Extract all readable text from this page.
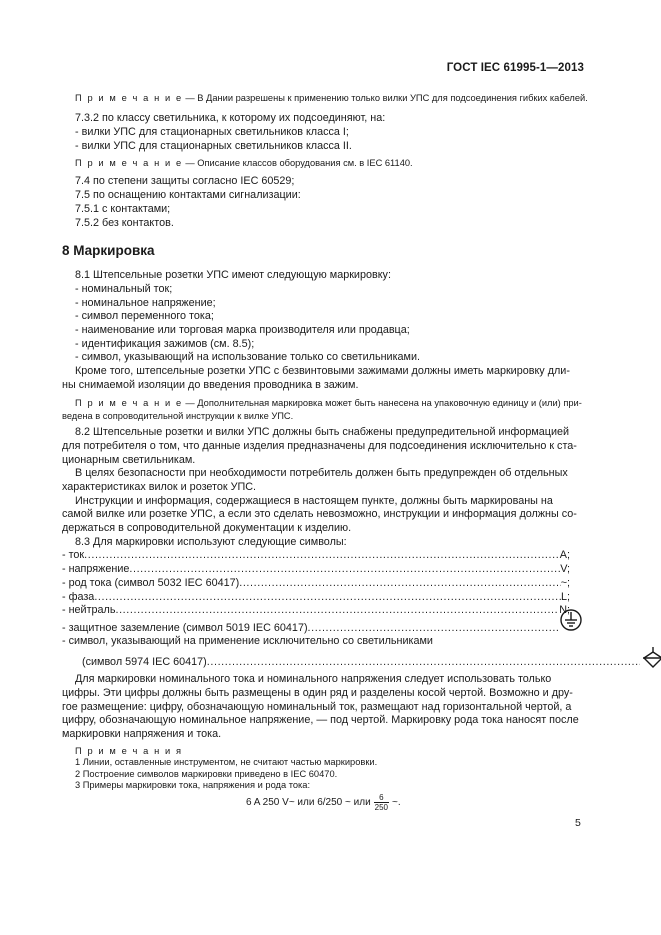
ГОСТ IEC 61995-1—2013
П р и м е ч а н и е — В Дании разрешены к применению только вилки УПС для подсоединения гибких кабелей.
7.3.2 по классу светильника, к которому их подсоединяют, на:
- вилки УПС для стационарных светильников класса I;
- вилки УПС для стационарных светильников класса II.
П р и м е ч а н и е — Описание классов оборудования см. в IEC 61140.
7.4 по степени защиты согласно IEC 60529;
7.5 по оснащению контактами сигнализации:
7.5.1 с контактами;
7.5.2 без контактов.
8 Маркировка
8.1 Штепсельные розетки УПС имеют следующую маркировку:
- номинальный ток;
- номинальное напряжение;
- символ переменного тока;
- наименование или торговая марка производителя или продавца;
- идентификация зажимов (см. 8.5);
- символ, указывающий на использование только со светильниками.
Кроме того, штепсельные розетки УПС с безвинтовыми зажимами должны иметь маркировку дли-
ны снимаемой изоляции до введения проводника в зажим.
П р и м е ч а н и е — Дополнительная маркировка может быть нанесена на упаковочную единицу и (или) при-
ведена в сопроводительной инструкции к вилке УПС.
8.2 Штепсельные розетки и вилки УПС должны быть снабжены предупредительной информацией
для потребителя о том, что данные изделия предназначены для подсоединения исключительно к ста-
ционарным светильникам.
В целях безопасности при необходимости потребитель должен быть предупрежден об отдельных
характеристиках вилок и розеток УПС.
Инструкции и информация, содержащиеся в настоящем пункте, должны быть маркированы на
самой вилке или розетке УПС, а если это сделать невозможно, инструкции и информация должны со-
держаться в сопроводительной документации к изделию.
8.3 Для маркировки используют следующие символы:
- ток .....	A;
- напряжение .....	V;
- род тока (символ 5032 IEC 60417) .....	~;
- фаза .....	L;
- нейтраль .....	N;
- защитное заземление (символ 5019 IEC 60417)
.....
- символ, указывающий на применение исключительно со светильниками
(символ 5974 IEC 60417)
.....
Для маркировки номинального тока и номинального напряжения следует использовать только
цифры. Эти цифры должны быть размещены в один ряд и разделены косой чертой. Возможно и дру-
гое размещение: цифру, обозначающую номинальный ток, размещают над горизонтальной чертой, а
цифру, обозначающую номинальное напряжение, — под чертой. Маркировку рода тока наносят после
маркировки напряжения и тока.
П р и м е ч а н и я
1 Линии, оставленные инструментом, не считают частью маркировки.
2 Построение символов маркировки приведено в IEC 60470.
3 Примеры маркировки тока, напряжения и рода тока:
6 A 250 V~ или 6/250 ~ или $\frac{6}{250}$ ~.
5
